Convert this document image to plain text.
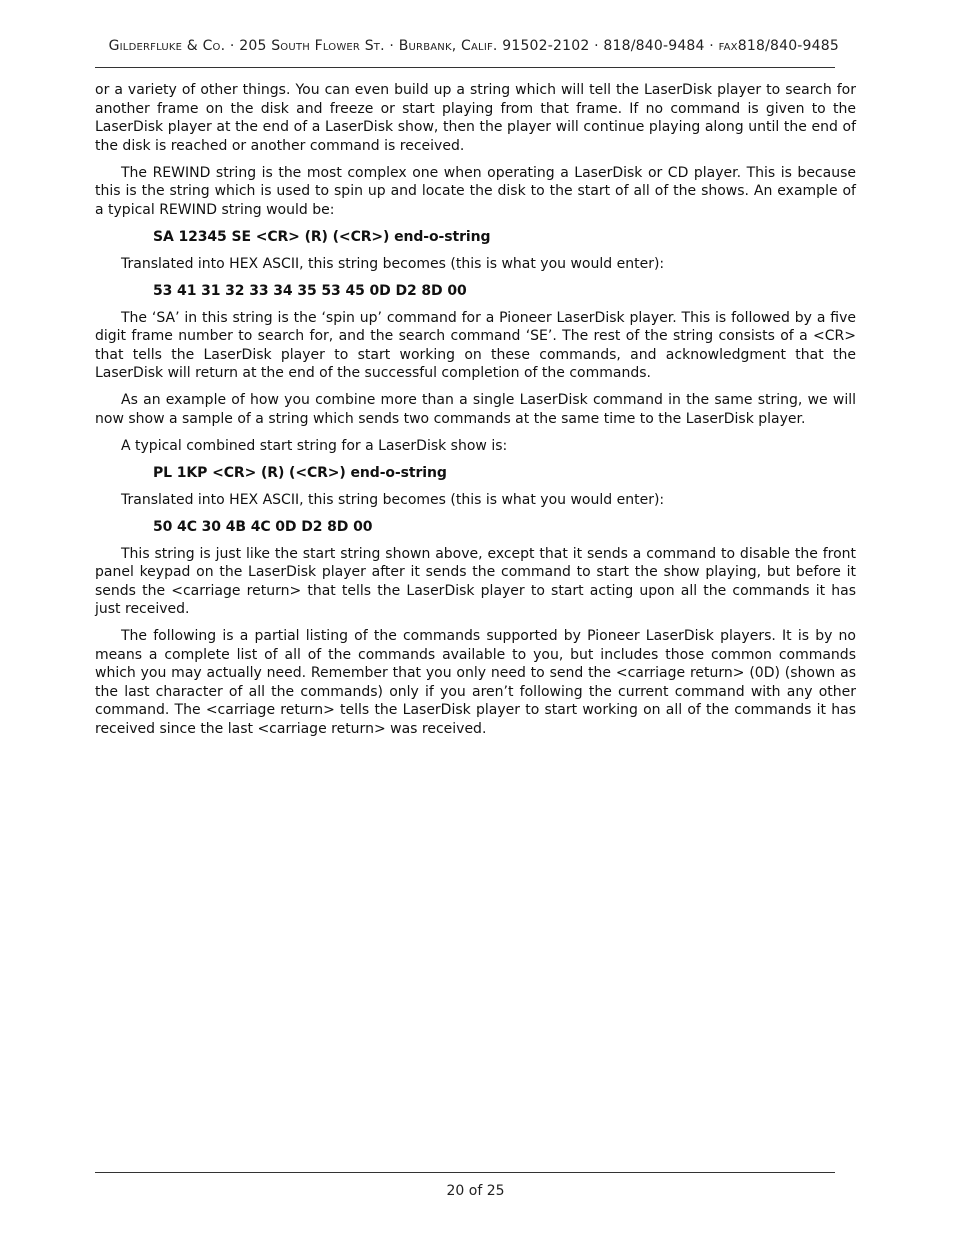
Gilderfluke & Co. · 205 South Flower St. · Burbank, Calif. 91502-2102 · 818/840-9484 · fax818/840-9485

or a variety of other things. You can even build up a string which will tell the LaserDisk player to search for another frame on the disk and freeze or start playing from that frame. If no command is given to the LaserDisk player at the end of a LaserDisk show, then the player will continue playing along until the end of the disk is reached or another command is received.

The REWIND string is the most complex one when operating a LaserDisk or CD player. This is because this is the string which is used to spin up and locate the disk to the start of all of the shows. An example of a typical REWIND string would be:

SA 12345 SE <CR> (R) (<CR>) end-o-string

Translated into HEX ASCII, this string becomes (this is what you would enter):

53 41 31 32 33 34 35 53 45 0D D2 8D 00

The ‘SA’ in this string is the ‘spin up’ command for a Pioneer LaserDisk player. This is followed by a five digit frame number to search for, and the search command ‘SE’. The rest of the string consists of a <CR> that tells the LaserDisk player to start working on these commands, and acknowledgment that the LaserDisk will return at the end of the successful completion of the commands.

As an example of how you combine more than a single LaserDisk command in the same string, we will now show a sample of a string which sends two commands at the same time to the LaserDisk player.

A typical combined start string for a LaserDisk show is:

PL 1KP <CR> (R) (<CR>) end-o-string

Translated into HEX ASCII, this string becomes (this is what you would enter):

50 4C 30 4B 4C 0D D2 8D 00

This string is just like the start string shown above, except that it sends a command to disable the front panel keypad on the LaserDisk player after it sends the command to start the show playing, but before it sends the <carriage return> that tells the LaserDisk player to start acting upon all the commands it has just received.

The following is a partial listing of the commands supported by Pioneer LaserDisk players. It is by no means a complete list of all of the commands available to you, but includes those common commands which you may actually need. Remember that you only need to send the <carriage return> (0D) (shown as the last character of all the commands) only if you aren’t following the current command with any other command. The <carriage return> tells the LaserDisk player to start working on all of the commands it has received since the last <carriage return> was received.

20 of 25
